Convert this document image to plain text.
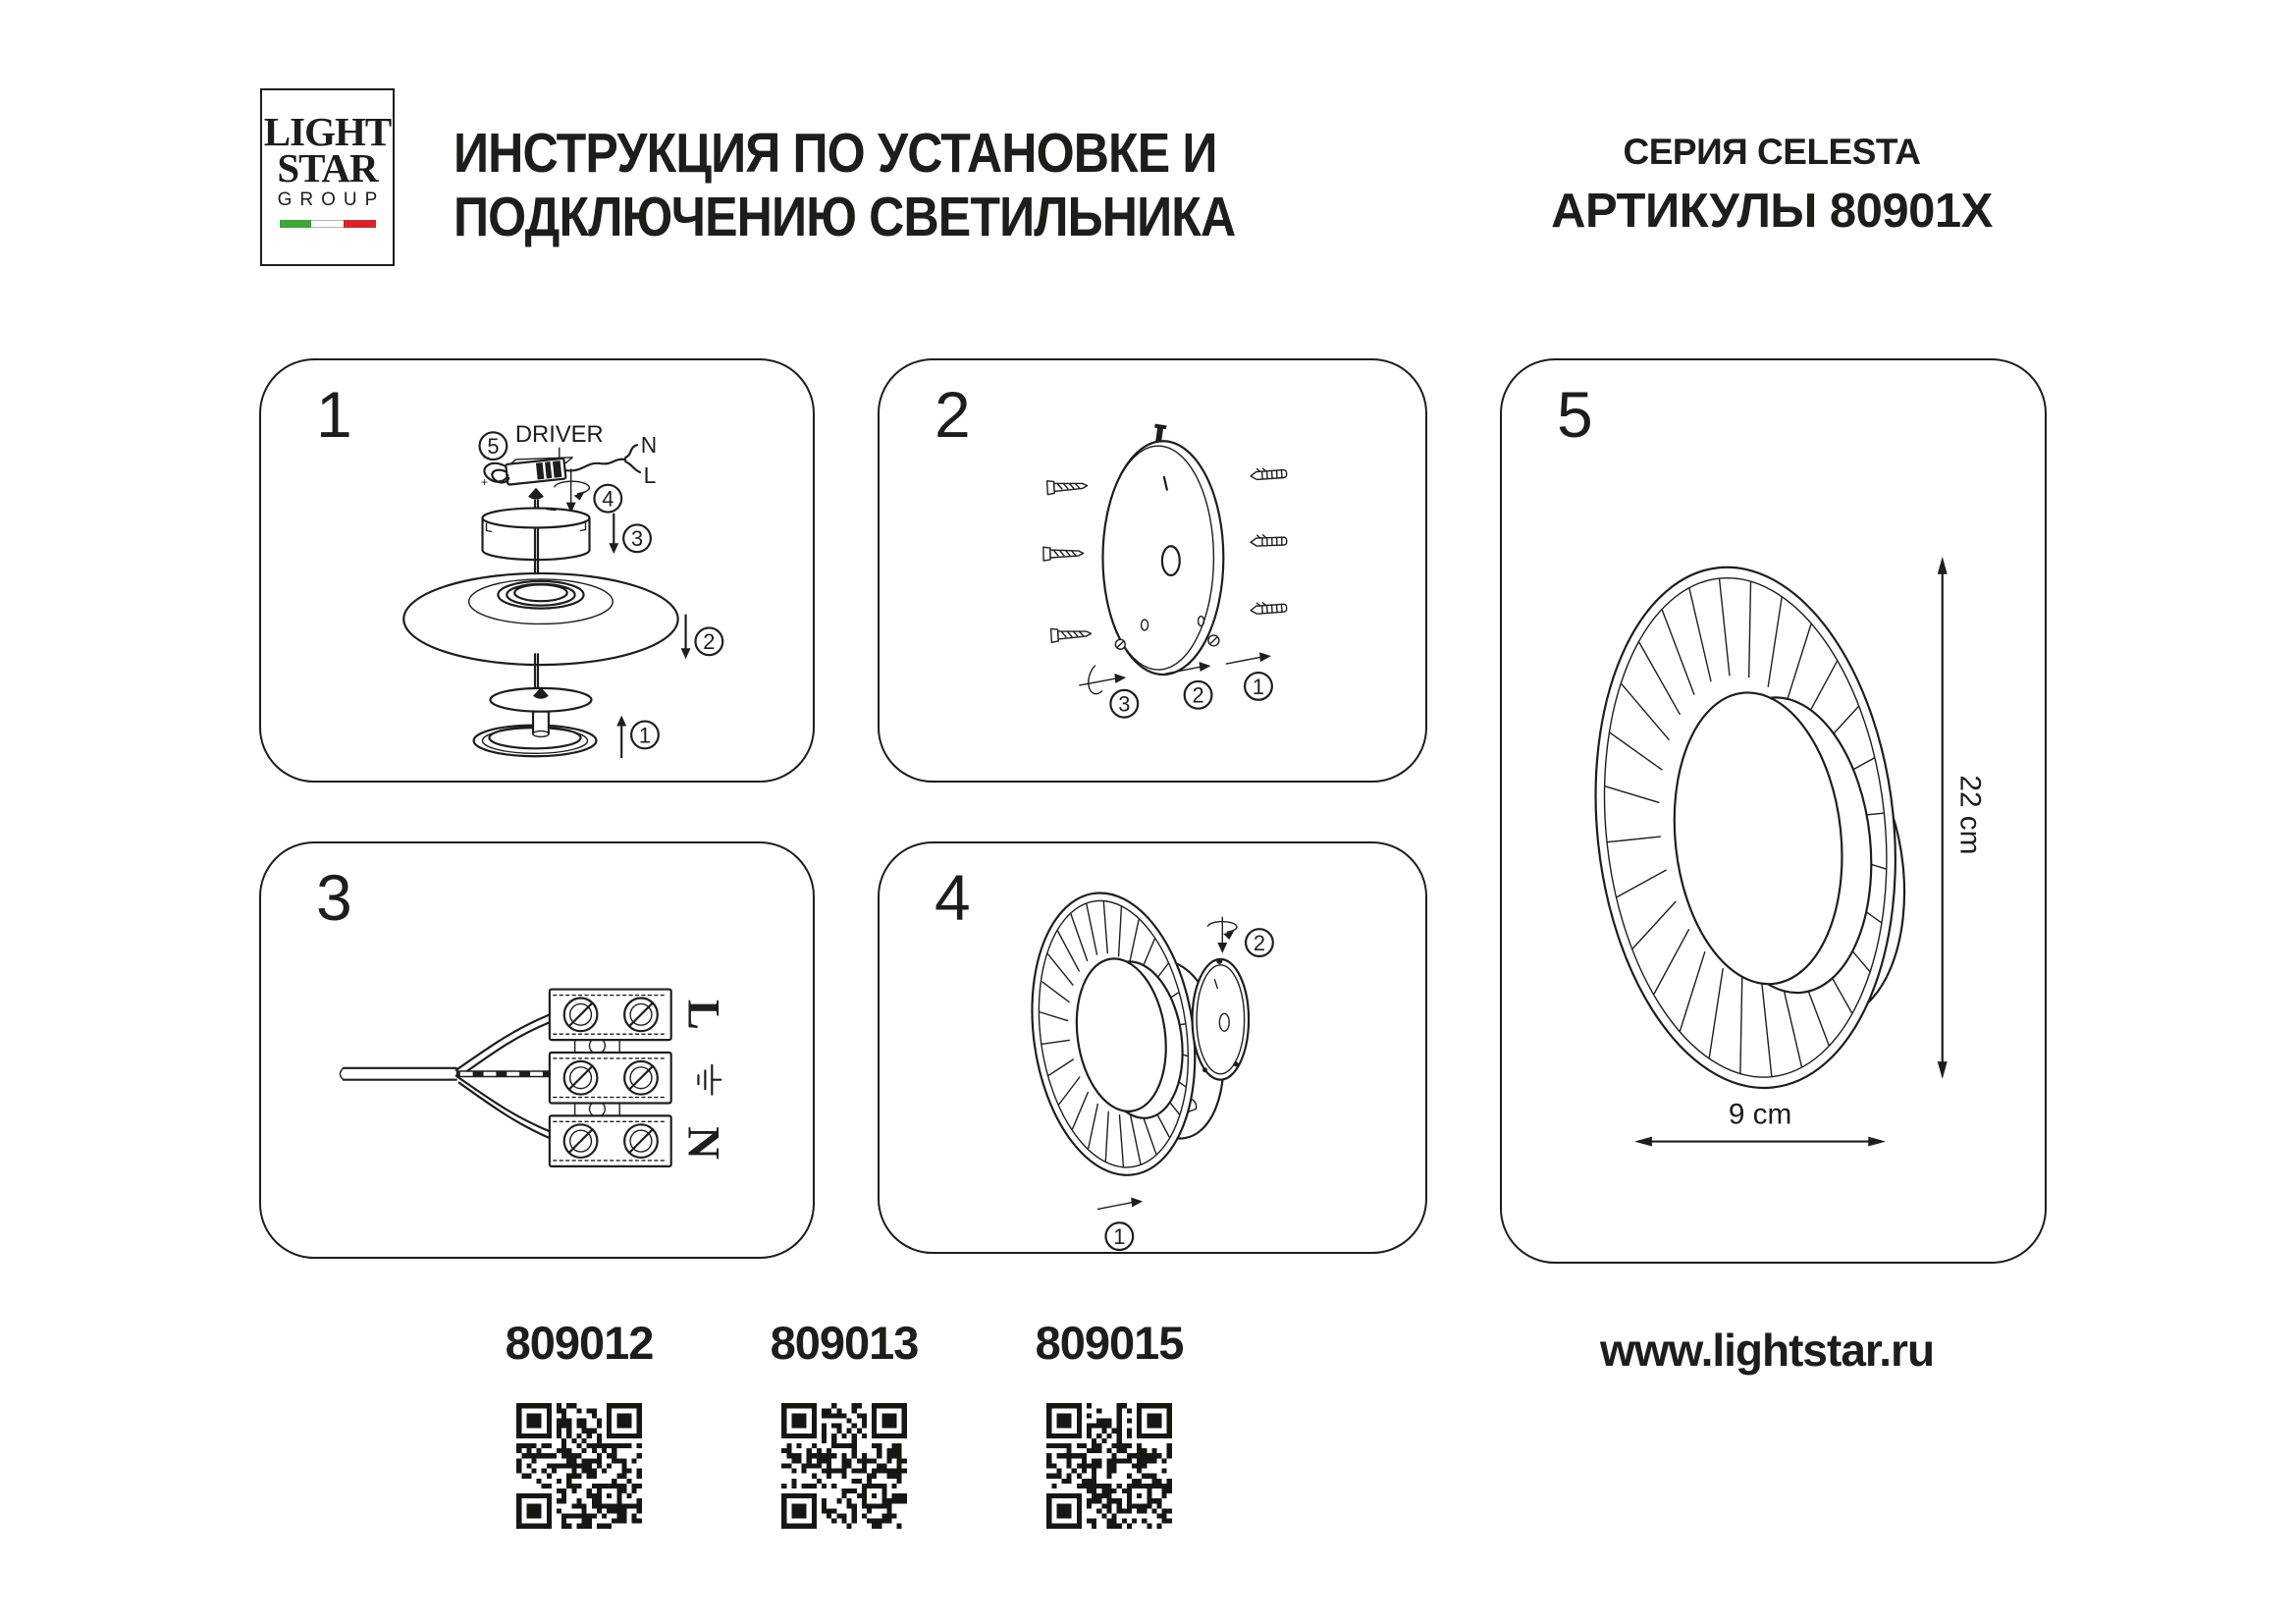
LIGHT
STAR
GROUP
ИНСТРУКЦИЯ ПО УСТАНОВКЕ И
ПОДКЛЮЧЕНИЮ СВЕТИЛЬНИКА
СЕРИЯ CELESTA
АРТИКУЛЫ 80901X
5 DRIVER
−
+
N
L
4
3
2
1
1
3	2 1
2
L
N
3
2
1
4
22 cm
9 cm
5
809012	809013	809015	www.lightstar.ru
